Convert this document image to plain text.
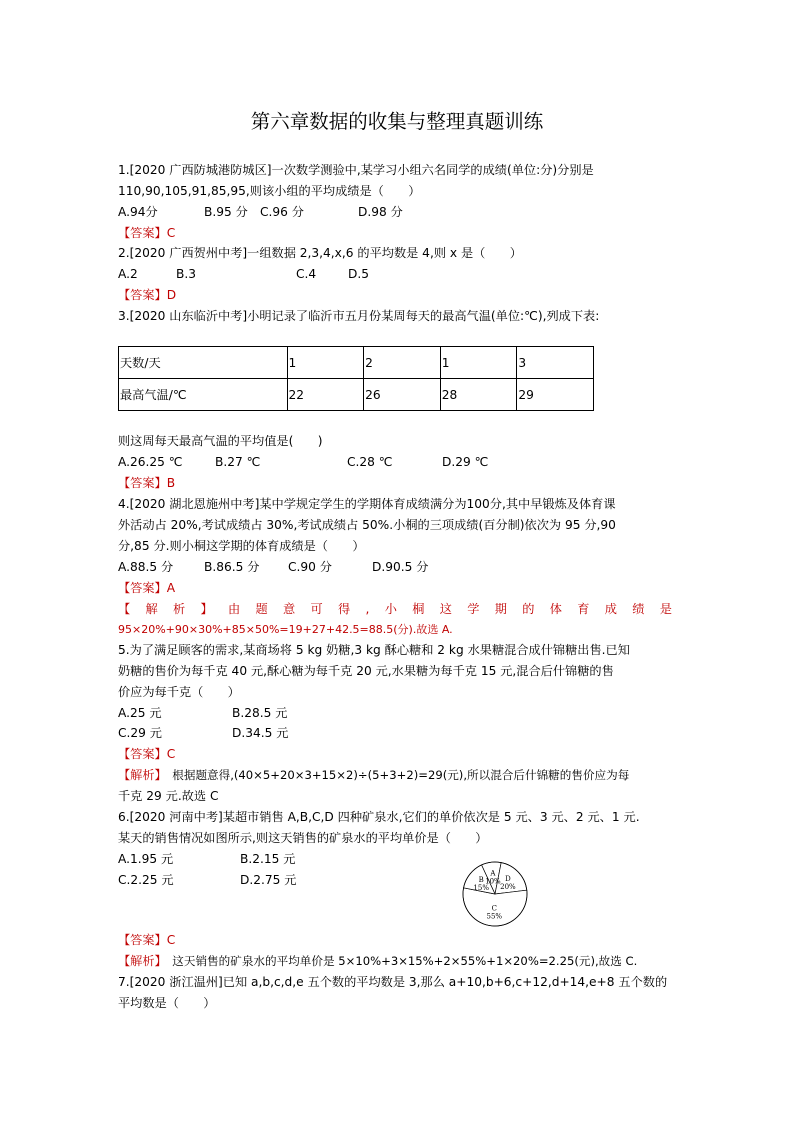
第六章数据的收集与整理真题训练
1.[2020 广西防城港防城区]一次数学测验中,某学习小组六名同学的成绩(单位:分)分别是
110,90,105,91,85,95,则该小组的平均成绩是（　　）
A.94分	B.95 分 C.96 分	D.98 分
【答案】C
2.[2020 广西贺州中考]一组数据 2,3,4,x,6 的平均数是 4,则 x 是（　　）
A.2	B.3	C.4	D.5
【答案】D
3.[2020 山东临沂中考]小明记录了临沂市五月份某周每天的最高气温(单位:℃),列成下表:
天数/天	1	2	1	3
最高气温/℃	22	26	28	29
则这周每天最高气温的平均值是(　　)
A.26.25 ℃	B.27 ℃	C.28 ℃	D.29 ℃
【答案】B
4.[2020 湖北恩施州中考]某中学规定学生的学期体育成绩满分为100分,其中早锻炼及体育课
外活动占 20%,考试成绩占 30%,考试成绩占 50%.小桐的三项成绩(百分制)依次为 95 分,90
分,85 分.则小桐这学期的体育成绩是（　　）
A.88.5 分	B.86.5 分 C.90 分	D.90.5 分
【答案】A
【 解 析 】 由 题 意 可 得 , 小 桐 这 学 期 的 体 育 成 绩 是
95×20%+90×30%+85×50%=19+27+42.5=88.5(分).故选 A.
5.为了满足顾客的需求,某商场将 5 kg 奶糖,3 kg 酥心糖和 2 kg 水果糖混合成什锦糖出售.已知
奶糖的售价为每千克 40 元,酥心糖为每千克 20 元,水果糖为每千克 15 元,混合后什锦糖的售
价应为每千克（　　）
A.25 元	B.28.5 元
C.29 元	D.34.5 元
【答案】C
【解析】　根据题意得,(40×5+20×3+15×2)÷(5+3+2)=29(元),所以混合后什锦糖的售价应为每
千克 29 元.故选 C
6.[2020 河南中考]某超市销售 A,B,C,D 四种矿泉水,它们的单价依次是 5 元、3 元、2 元、1 元.
某天的销售情况如图所示,则这天销售的矿泉水的平均单价是（　　）
A.1.95 元	B.2.15 元
C.2.25 元	D.2.75 元	A
10% D
20%
C
55%
B
15%
【答案】C
【解析】　这天销售的矿泉水的平均单价是 5×10%+3×15%+2×55%+1×20%=2.25(元),故选 C.
7.[2020 浙江温州]已知 a,b,c,d,e 五个数的平均数是 3,那么 a+10,b+6,c+12,d+14,e+8 五个数的
平均数是（　　）
